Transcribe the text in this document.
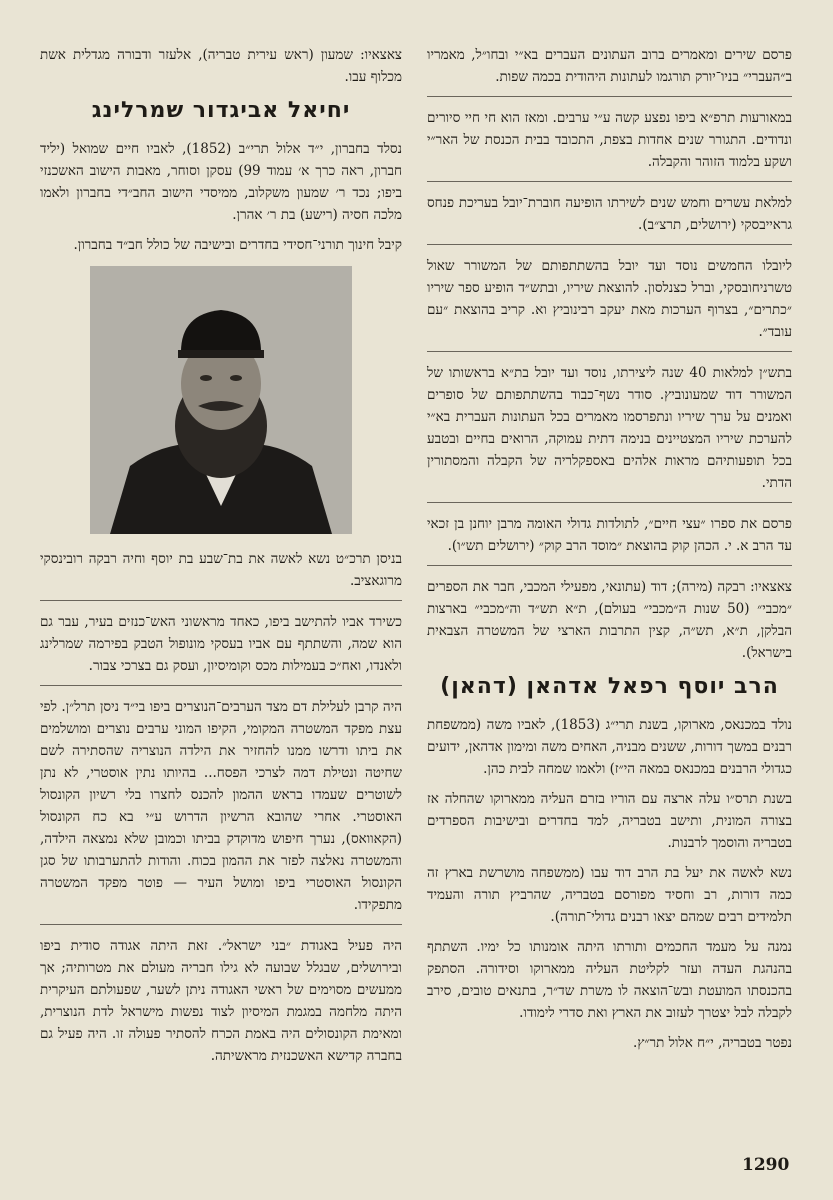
פרסם שירים ומאמרים ברוב העתונים העברים בא״י ובחו״ל, מאמריו ב״העברי״ בניו־יורק תורגמו לעתונות היהודית בכמה שפות.

במאורעות תרפ״א ביפו נפצע קשה ע״י ערבים. ומאז הוא חי חיי סיורים ונדודים. התגורר שנים אחדות בצפת, התכובד בבית הכנסת של האר״י ושקע בלמוד הזוהר והקבלה.

למלאת עשרים וחמש שנים לשירתו הופיעה חוברת־יובל בעריכת פנחס גראייבסקי (ירושלים, תרצ״ב).

ליובלו החמשים נוסד ועד יובל בהשתתפותם של המשורר שאול טשרניחובסקי, וברל כצנלסון. להוצאת שיריו, ובתש״ד הופיע ספר שיריו ״כתרים״, בצרוף הערכות מאת יעקב רבינוביץ וא. קריב בהוצאת ״עם עובד״.

בתש״ן למלאות 40 שנה ליצירתו, נוסד ועד יובל בת״א בראשותו של המשורר דוד שמעונוביץ. סודר נשף־כבוד בהשתתפותם של סופרים ואמנים על ערך שיריו ונתפרסמו מאמרים בכל העתונות העברית בא״י להערכת שיריו המצטיינים בנימה דתית עמוקה, הרואים בחיים ובטבע בכל תופעותיהם מראות אלהים באספקלריה של הקבלה והמסתורין הדתי.

פרסם את ספרו ״עצי חיים״, לתולדות גדולי האומה מרבן יוחנן בן זכאי עד הרב א. י. הכהן קוק בהוצאת ״מוסד הרב קוק״ (ירושלים תש״ו).

צאצאיו: רבקה (מירה); דוד (עתונאי, מפעילי המכבי, חבר את הספרים ״מכבי״ (50 שנות ה״מכבי״ בעולם), ת״א תש״ד וה״מכבי״ בארצות הבלקן, ת״א, תש״ה, קצין התרבות הארצי של המשטרה הצבאית בישראל).

הרב יוסף רפאל אדהאן (דהאן)

נולד במכנאס, מארוקו, בשנת תרי״ג (1853), לאביו משה (ממשפחת רבנים במשך דורות, ששנים מבניה, האחים משה ומימון אדהאן, ידועים כגדולי הרבנים במכנאס במאה הי״ז) ולאמו שמחה לבית כהן.

בשנת תרס״ו עלה ארצה עם הוריו בזרם העליה ממארוקו שהחלה אז בצורה המונית, ותישב בטבריה, למד בחדרים ובישיבות הספרדים בטבריה והוסמך לרבנות.

נשא לאשה את יעל בת הרב דוד עבו (ממשפחה מושרשת בארץ זה כמה דורות, רב וחסיד מפורסם בטבריה, שהרביץ תורה והעמיד תלמידים רבים שמהם יצאו רבנים גדולי־תורה).

נמנה על מעמד החכמים ותורתו היתה אומנותו כל ימיו. השתתף בהנהגת העדה ועזר לקליטת העליה ממארוקו וסידורה. הסתפק בהכנסתו המועטת ובש־הוצאה לו משרת שד״ר, בתנאים טובים, סירב לקבלה לבל יצטרך לעזוב את הארץ ואת סדרי לימודו.

נפטר בטבריה, י״ח אלול תר״ץ.

צאצאיו: שמעון (ראש עירית טבריה), אלעזר ודבורה מגדלית אשת מכלוף עבו.

יחיאל אביגדור שמרלינג

נסלד בחברון, י״ד אלול תרי״ב (1852), לאביו חיים שמואל (יליד חברון, ראה כרך א׳ עמוד 99) עסקן וסוחר, מאבות הישוב האשכנזי ביפו; נכד ר׳ שמעון משקלוב, ממיסדי הישוב החב״די בחברון ולאמו מלכה חסיה (רישע) בת ר׳ אהרן.

קיבל חינוך תורני־חסידי בחדרים ובישיבה של כולל חב״ד בחברון.

בניסן תרכ״ט נשא לאשה את בת־שבע בת יוסף וחיה רבקה רובינסקי מרוגאציב.

כשירד אביו להתישב ביפו, כאחד מראשוני האש־כנזים בעיר, עבר גם הוא שמה, והשתתף עם אביו בעסקי מונופול הטבק בפירמה שמרלינג ולאנדו, ואח״כ בעמילות מכס וקומיסיון, ועסק גם בצרכי צבור.

היה קרבן לעלילת דם מצד הערבים־הנוצרים ביפו בי״ד ניסן תרל״ן. לפי עצת מפקד המשטרה המקומי, הקיפו המוני ערבים נוצרים ומושלמים את ביתו ודרשו ממנו להחזיר את הילדה הנוצריה שהסתירה לשם שחיטה ונטילת דמה לצרכי הפסח... בהיותו נתין אוסטרי, לא נתן לשוטרים שעמדו בראש ההמון להכנס לחצרו בלי רשיון הקונסול האוסטרי. אחרי שהובא הרשיון הדרוש ע״י בא כח הקונסול (הקאוואס), נערך חיפוש מדוקדק בביתו וכמובן שלא נמצאה הילדה, והמשטרה נאלצה לפזר את ההמון בכוח. והודות להתערבותו של סגן הקונסול האוסטרי ביפו ומושל העיר — פוטר מפקד המשטרה מתפקידו.

היה פעיל באגודת ״בני ישראל״. זאת היתה אגודה סודית ביפו ובירושלים, שבגלל שבועה לא גילו חבריה מעולם את מטרותיה; אך ממעשים מסוימים של ראשי האגודה ניתן לשער, שפעולתם העיקרית היתה מלחמה במגמת המיסיון לצוד נפשות מישראל לדת הנוצרית, ומאימת הקונסולים היה באמת הכרח להסתיר פעולה זו. היה פעיל גם בחברה קדישא האשכנזית מראשיתה.

1290
